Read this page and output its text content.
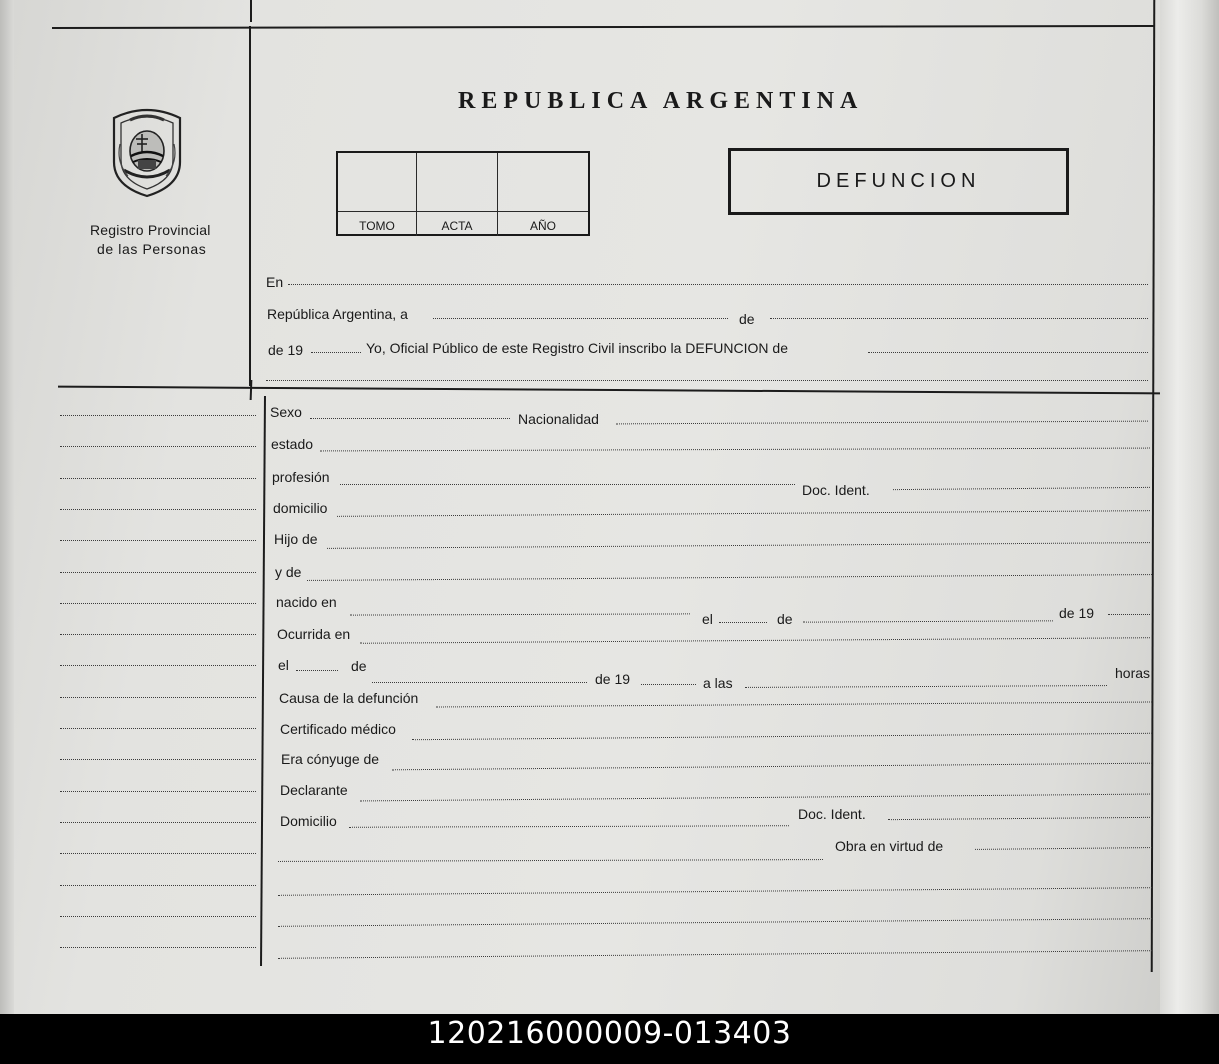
Registro Provincial
de las Personas
REPUBLICA ARGENTINA
TOMO	ACTA	AÑO
DEFUNCION
En
República Argentina, a	de
de 19	Yo, Oficial Público de este Registro Civil inscribo la DEFUNCION de
Sexo	Nacionalidad
estado
profesión
Doc. Ident.
domicilio
Hijo de
y de
nacido en
el	de	de 19
Ocurrida en
el	de
de 19	a las
horas
Causa de la defunción
Certificado médico
Era cónyuge de
Declarante
Domicilio	Doc. Ident.
Obra en virtud de
120216000009-013403
